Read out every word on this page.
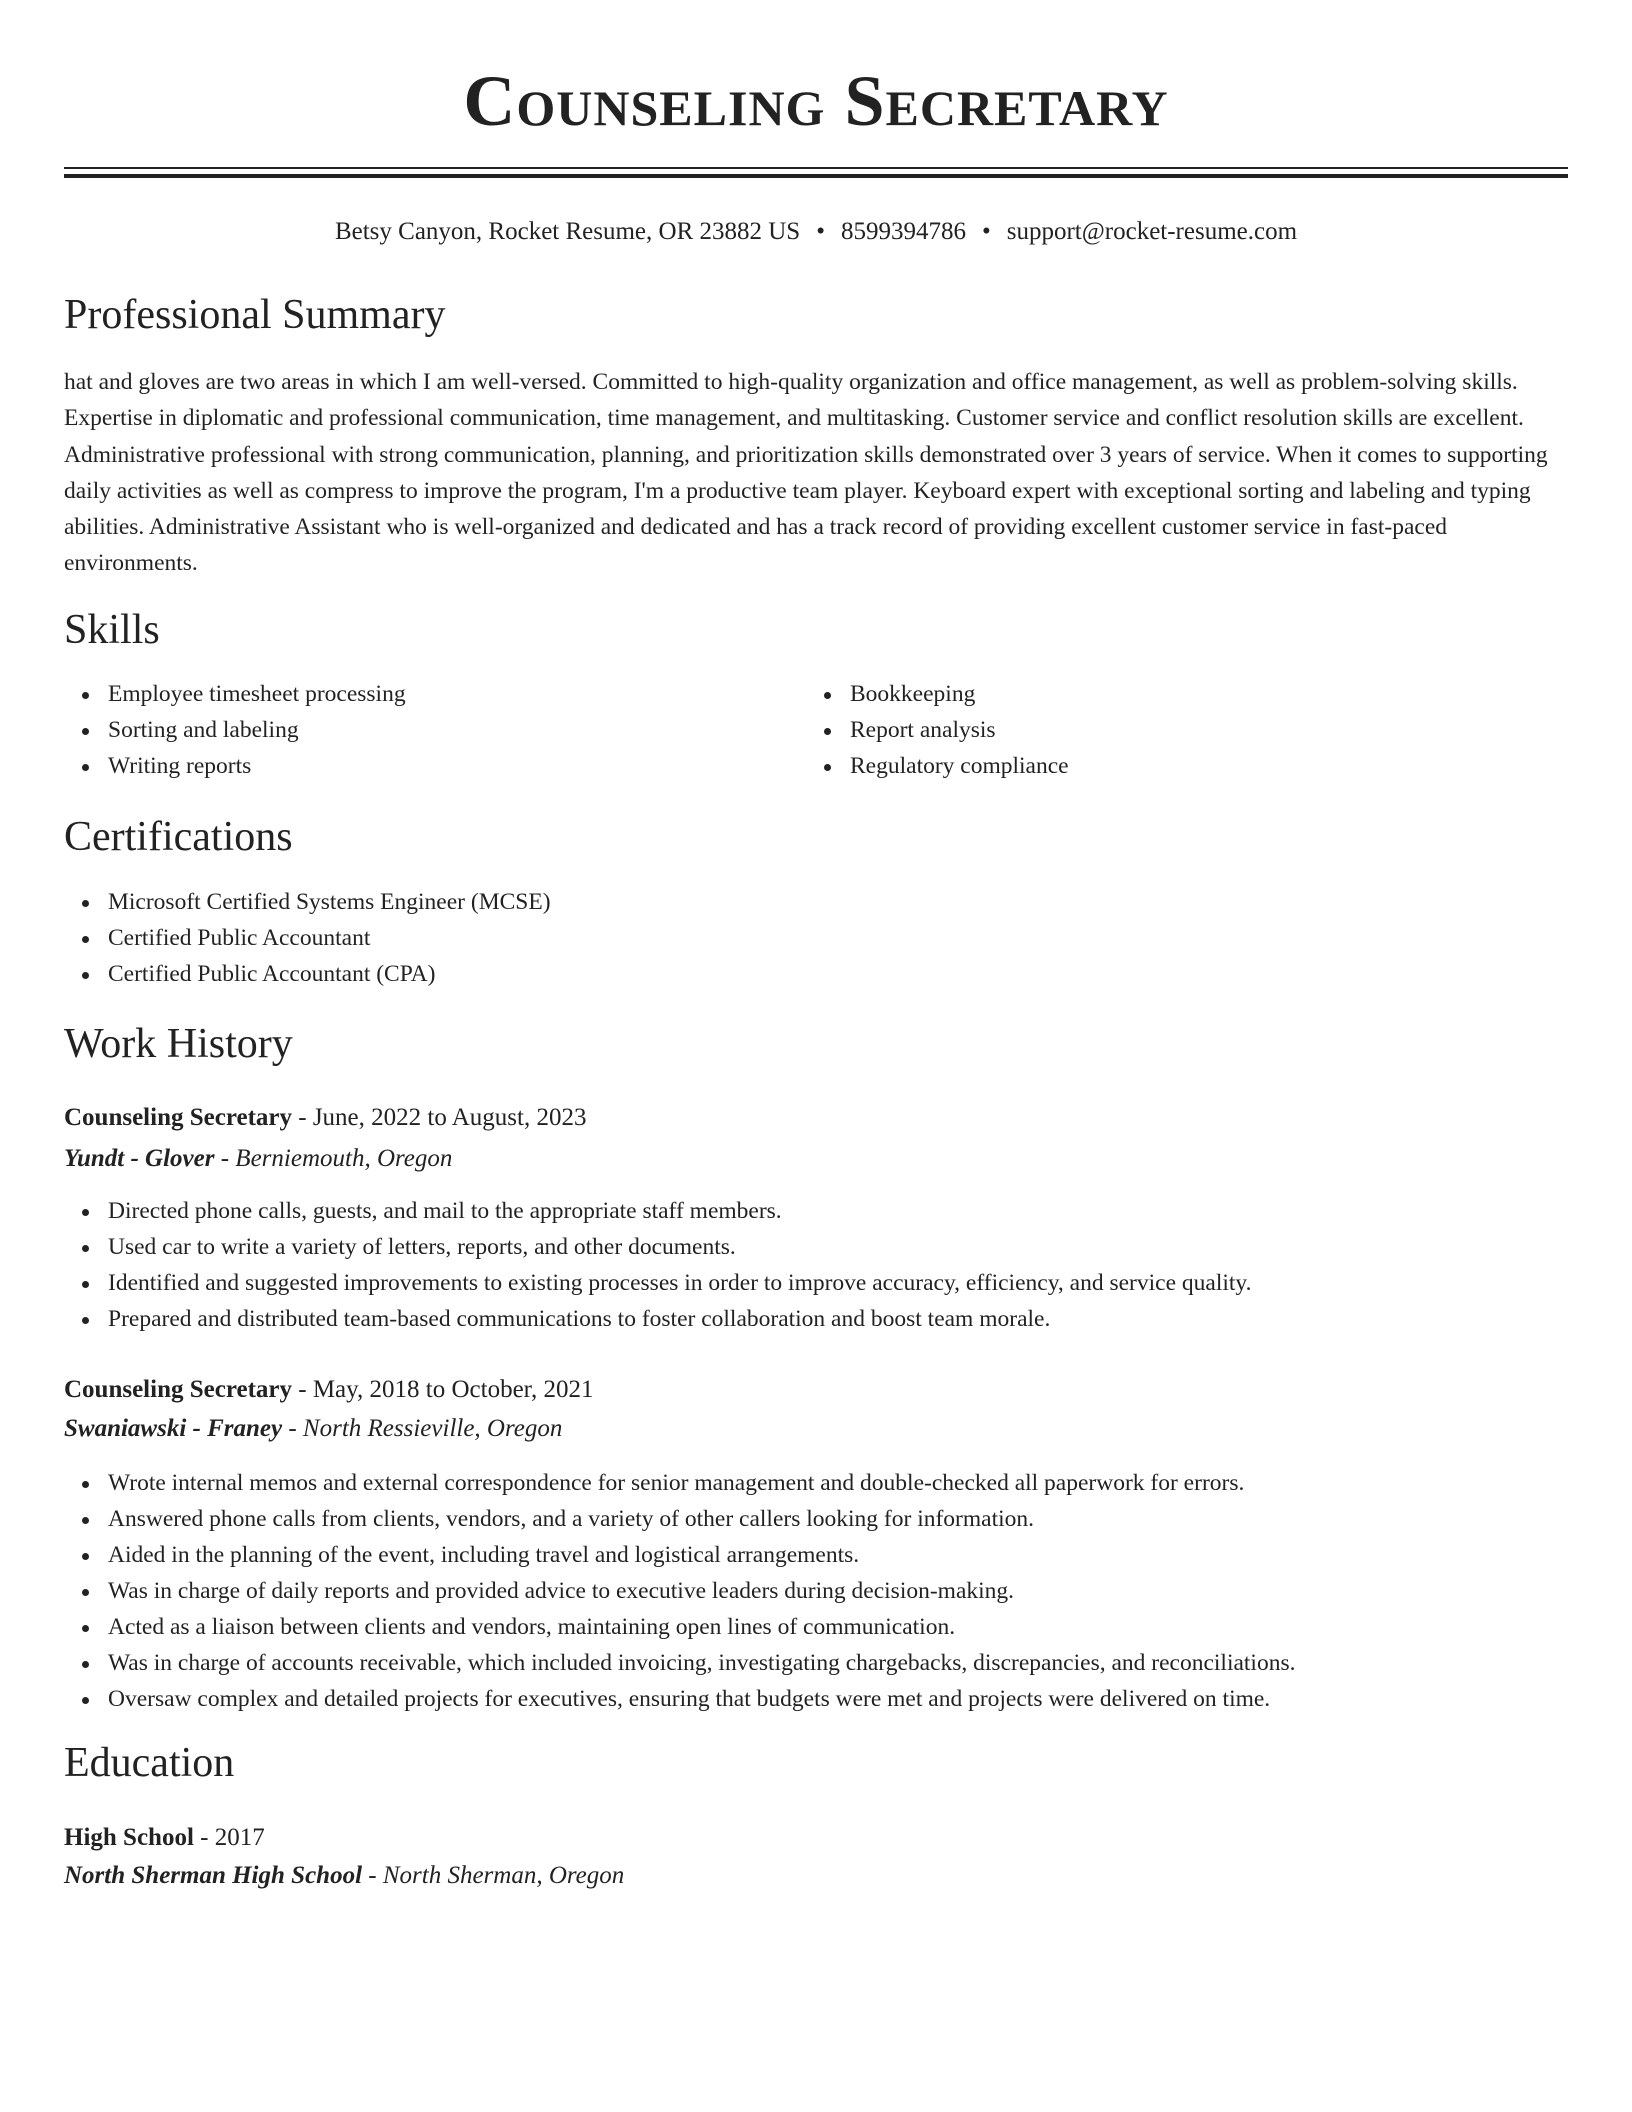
Counseling Secretary
Betsy Canyon, Rocket Resume, OR 23882 US • 8599394786 • support@rocket-resume.com
Professional Summary

hat and gloves are two areas in which I am well-versed. Committed to high-quality organization and office management, as well as problem-solving skills. Expertise in diplomatic and professional communication, time management, and multitasking. Customer service and conflict resolution skills are excellent. Administrative professional with strong communication, planning, and prioritization skills demonstrated over 3 years of service. When it comes to supporting daily activities as well as compress to improve the program, I'm a productive team player. Keyboard expert with exceptional sorting and labeling and typing abilities. Administrative Assistant who is well-organized and dedicated and has a track record of providing excellent customer service in fast-paced environments.

Skills
Employee timesheet processing
Sorting and labeling
Writing reports
Bookkeeping
Report analysis
Regulatory compliance
Certifications
Microsoft Certified Systems Engineer (MCSE)
Certified Public Accountant
Certified Public Accountant (CPA)
Work History
Counseling Secretary - June, 2022 to August, 2023
Yundt - Glover - Berniemouth, Oregon
Directed phone calls, guests, and mail to the appropriate staff members.
Used car to write a variety of letters, reports, and other documents.
Identified and suggested improvements to existing processes in order to improve accuracy, efficiency, and service quality.
Prepared and distributed team-based communications to foster collaboration and boost team morale.
Counseling Secretary - May, 2018 to October, 2021
Swaniawski - Franey - North Ressieville, Oregon
Wrote internal memos and external correspondence for senior management and double-checked all paperwork for errors.
Answered phone calls from clients, vendors, and a variety of other callers looking for information.
Aided in the planning of the event, including travel and logistical arrangements.
Was in charge of daily reports and provided advice to executive leaders during decision-making.
Acted as a liaison between clients and vendors, maintaining open lines of communication.
Was in charge of accounts receivable, which included invoicing, investigating chargebacks, discrepancies, and reconciliations.
Oversaw complex and detailed projects for executives, ensuring that budgets were met and projects were delivered on time.
Education
High School - 2017
North Sherman High School - North Sherman, Oregon
